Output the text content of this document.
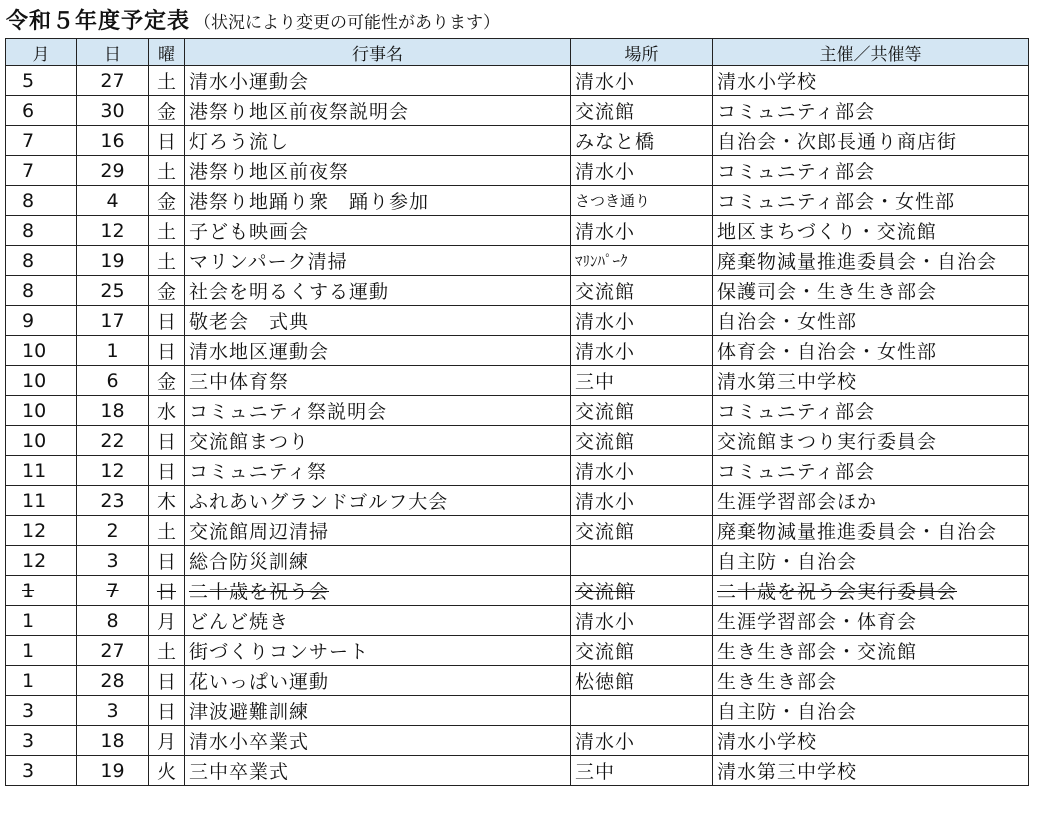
令和５年度予定表 （状況により変更の可能性があります）
月	日	曜	行事名	場所	主催／共催等
5	27	土	清水小運動会	清水小	清水小学校
6	30	金	港祭り地区前夜祭説明会	交流館	コミュニティ部会
7	16	日	灯ろう流し	みなと橋	自治会・次郎長通り商店街
7	29	土	港祭り地区前夜祭	清水小	コミュニティ部会
8	4	金	港祭り地踊り衆　踊り参加	さつき通り	コミュニティ部会・女性部
8	12	土	子ども映画会	清水小	地区まちづくり・交流館
8	19	土	マリンパーク清掃	ﾏﾘﾝﾊﾟｰｸ	廃棄物減量推進委員会・自治会
8	25	金	社会を明るくする運動	交流館	保護司会・生き生き部会
9	17	日	敬老会　式典	清水小	自治会・女性部
10	1	日	清水地区運動会	清水小	体育会・自治会・女性部
10	6	金	三中体育祭	三中	清水第三中学校
10	18	水	コミュニティ祭説明会	交流館	コミュニティ部会
10	22	日	交流館まつり	交流館	交流館まつり実行委員会
11	12	日	コミュニティ祭	清水小	コミュニティ部会
11	23	木	ふれあいグランドゴルフ大会	清水小	生涯学習部会ほか
12	2	土	交流館周辺清掃	交流館	廃棄物減量推進委員会・自治会
12	3	日	総合防災訓練		自主防・自治会
1	7	日	二十歳を祝う会	交流館	二十歳を祝う会実行委員会
1	8	月	どんど焼き	清水小	生涯学習部会・体育会
1	27	土	街づくりコンサート	交流館	生き生き部会・交流館
1	28	日	花いっぱい運動	松徳館	生き生き部会
3	3	日	津波避難訓練		自主防・自治会
3	18	月	清水小卒業式	清水小	清水小学校
3	19	火	三中卒業式	三中	清水第三中学校
